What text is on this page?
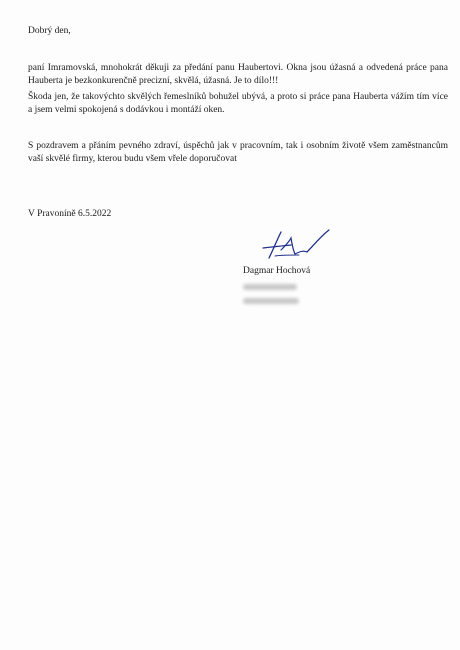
Dobrý den,
paní Imramovská, mnohokrát děkuji za předání panu Haubertovi. Okna jsou úžasná a odvedená práce pana Hauberta je bezkonkurenčně precizní, skvělá, úžasná. Je to dílo!!!
Škoda jen, že takovýchto skvělých řemeslníků bohužel ubývá, a proto si práce pana Hauberta vážím tím více a jsem velmi spokojená s dodávkou i montáží oken.
S pozdravem a přáním pevného zdraví, úspěchů jak v pracovním, tak i osobním životě všem zaměstnancům vaší skvělé firmy, kterou budu všem vřele doporučovat
V Pravoníně 6.5.2022
Dagmar Hochová
